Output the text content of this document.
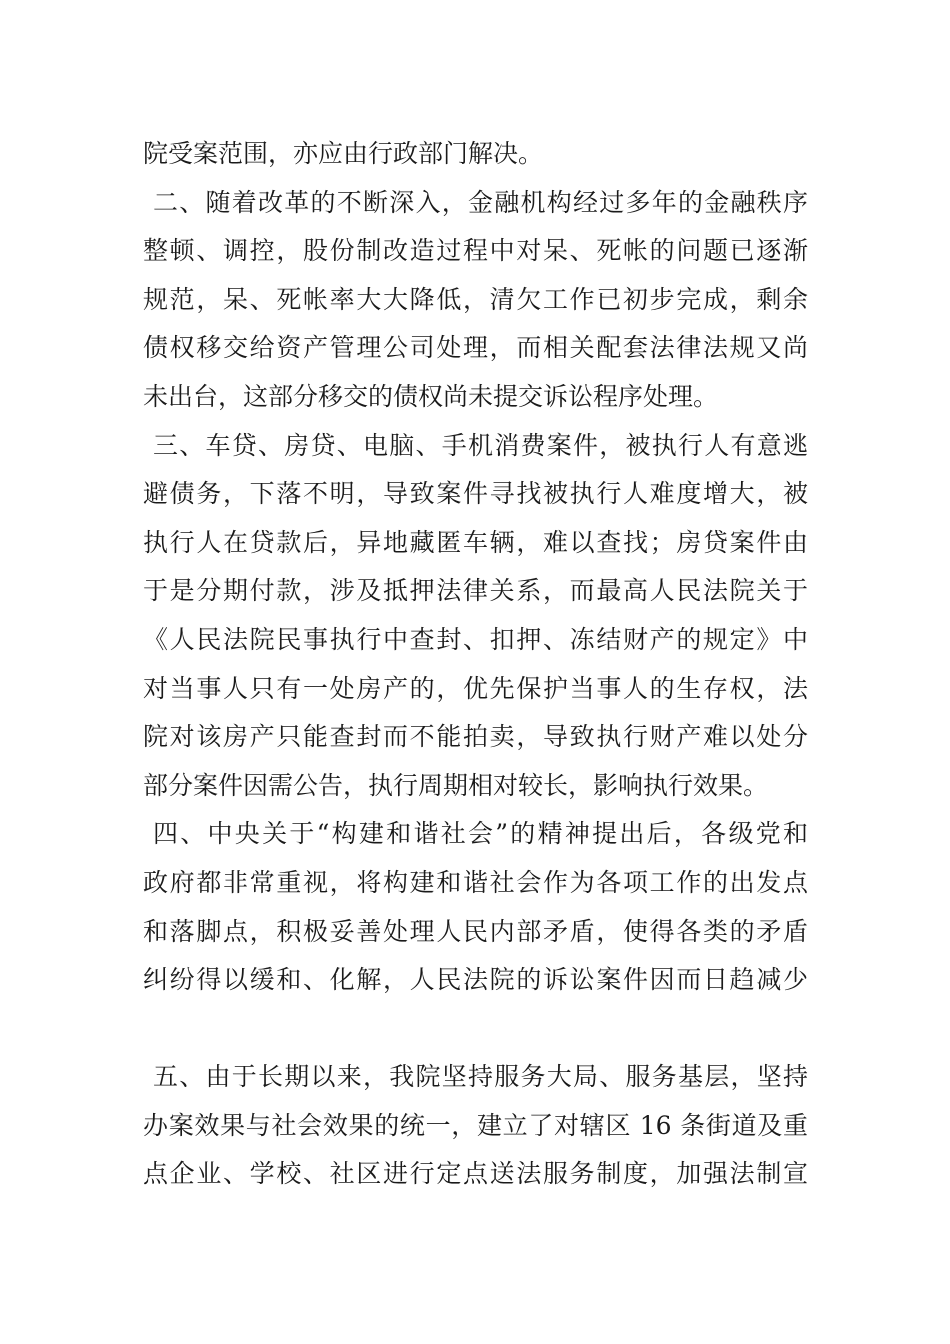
院受案范围，亦应由行政部门解决。
二、随着改革的不断深入，金融机构经过多年的金融秩序
整顿、调控，股份制改造过程中对呆、死帐的问题已逐渐
规范，呆、死帐率大大降低，清欠工作已初步完成，剩余
债权移交给资产管理公司处理，而相关配套法律法规又尚
未出台，这部分移交的债权尚未提交诉讼程序处理。
三、车贷、房贷、电脑、手机消费案件，被执行人有意逃
避债务，下落不明，导致案件寻找被执行人难度增大，被
执行人在贷款后，异地藏匿车辆，难以查找；房贷案件由
于是分期付款，涉及抵押法律关系，而最高人民法院关于
《人民法院民事执行中查封、扣押、冻结财产的规定》中
对当事人只有一处房产的，优先保护当事人的生存权，法
院对该房产只能查封而不能拍卖，导致执行财产难以处分
部分案件因需公告，执行周期相对较长，影响执行效果。
四、中央关于“构建和谐社会”的精神提出后，各级党和
政府都非常重视，将构建和谐社会作为各项工作的出发点
和落脚点，积极妥善处理人民内部矛盾，使得各类的矛盾
纠纷得以缓和、化解，人民法院的诉讼案件因而日趋减少
五、由于长期以来，我院坚持服务大局、服务基层，坚持
办案效果与社会效果的统一，建立了对辖区 16 条街道及重
点企业、学校、社区进行定点送法服务制度，加强法制宣
